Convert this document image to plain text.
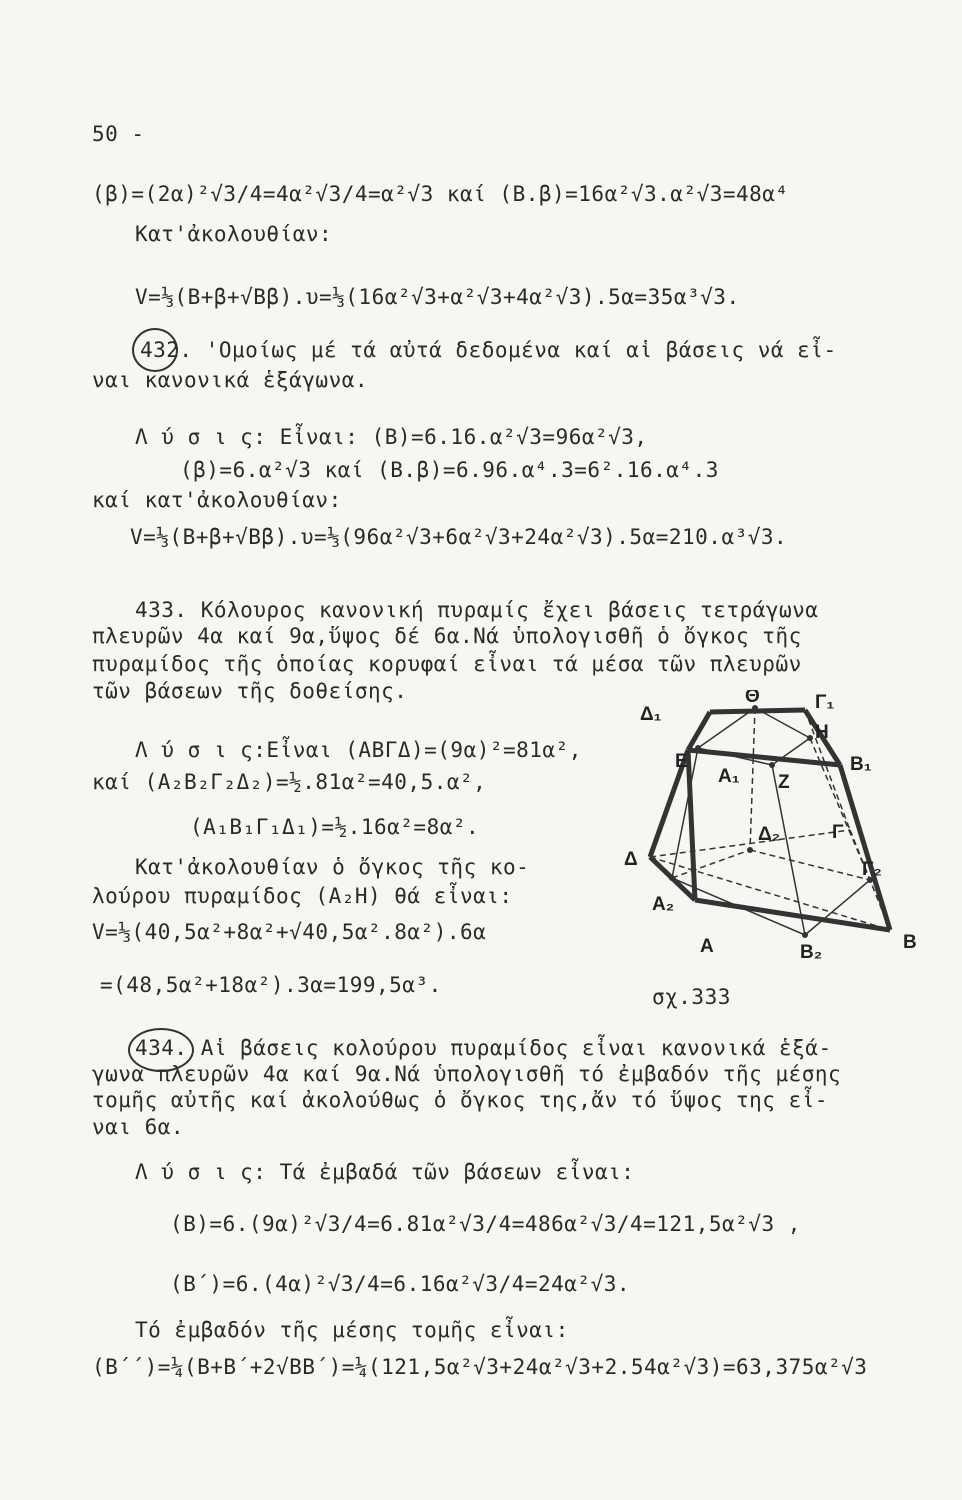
50 -
(β)=(2α)²√3/4=4α²√3/4=α²√3 καί (Β.β)=16α²√3.α²√3=48α⁴
Κατ'ἀκολουθίαν:
V=⅓(Β+β+√Ββ).υ=⅓(16α²√3+α²√3+4α²√3).5α=35α³√3.
432. 'Ομοίως μέ τά αὐτά δεδομένα καί αἱ βάσεις νά εἶ-
ναι κανονικά ἑξάγωνα.
Λ ύ σ ι ς: Εἶναι: (Β)=6.16.α²√3=96α²√3,
(β)=6.α²√3 καί (Β.β)=6.96.α⁴.3=6².16.α⁴.3
καί κατ'ἀκολουθίαν:
V=⅓(Β+β+√Ββ).υ=⅓(96α²√3+6α²√3+24α²√3).5α=210.α³√3.
433. Κόλουρος κανονική πυραμίς ἔχει βάσεις τετράγωνα
πλευρῶν 4α καί 9α,ὕψος δέ 6α.Νά ὑπολογισθῆ ὁ ὄγκος τῆς
πυραμίδος τῆς ὁποίας κορυφαί εἶναι τά μέσα τῶν πλευρῶν
τῶν βάσεων τῆς δοθείσης.
Λ ύ σ ι ς:Εἶναι (ΑΒΓΔ)=(9α)²=81α²,
καί (Α₂Β₂Γ₂Δ₂)=½.81α²=40,5.α²,
(Α₁Β₁Γ₁Δ₁)=½.16α²=8α².
Κατ'ἀκολουθίαν ὁ ὄγκος τῆς κο-
λούρου πυραμίδος (Α₂Η) θά εἶναι:
V=⅓(40,5α²+8α²+√40,5α².8α²).6α
=(48,5α²+18α²).3α=199,5α³.
434. Αἱ βάσεις κολούρου πυραμίδος εἶναι κανονικά ἑξά-
γωνα πλευρῶν 4α καί 9α.Νά ὑπολογισθῆ τό ἐμβαδόν τῆς μέσης
τομῆς αὐτῆς καί ἀκολούθως ὁ ὄγκος της,ἄν τό ὕψος της εἶ-
ναι 6α.
Λ ύ σ ι ς: Τά ἐμβαδά τῶν βάσεων εἶναι:
(Β)=6.(9α)²√3/4=6.81α²√3/4=486α²√3/4=121,5α²√3 ,
(Β΄)=6.(4α)²√3/4=6.16α²√3/4=24α²√3.
Τό ἐμβαδόν τῆς μέσης τομῆς εἶναι:
(Β΄΄)=¼(Β+Β΄+2√ΒΒ΄)=¼(121,5α²√3+24α²√3+2.54α²√3)=63,375α²√3
Δ₁
Θ	Γ₁
Η
Ε	Β₁
Α₁ Ζ
Δ₂	Γ
Δ	Γ₂
Α₂
Α	Β₂	Β
σχ.333
